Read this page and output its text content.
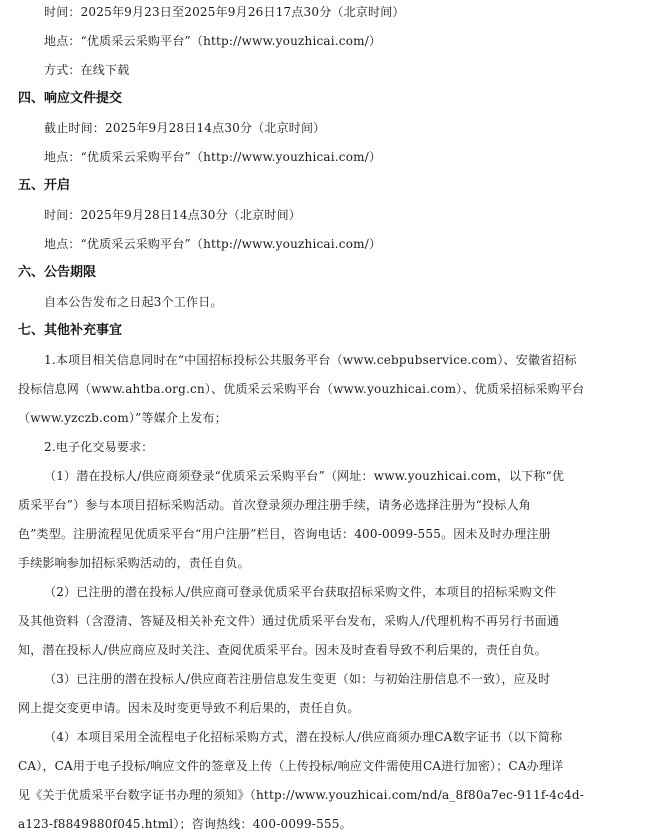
时间：2025年9月23日至2025年9月26日17点30分（北京时间）
地点：“优质采云采购平台”（http://www.youzhicai.com/）
方式：在线下载
四、响应文件提交
截止时间：2025年9月28日14点30分（北京时间）
地点：“优质采云采购平台”（http://www.youzhicai.com/）
五、开启
时间：2025年9月28日14点30分（北京时间）
地点：“优质采云采购平台”（http://www.youzhicai.com/）
六、公告期限
自本公告发布之日起3个工作日。
七、其他补充事宜
1.本项目相关信息同时在“中国招标投标公共服务平台（www.cebpubservice.com）、安徽省招标
投标信息网（www.ahtba.org.cn）、优质采云采购平台（www.youzhicai.com）、优质采招标采购平台
（www.yzczb.com）”等媒介上发布；
2.电子化交易要求：
（1）潜在投标人/供应商须登录“优质采云采购平台”（网址：www.youzhicai.com，以下称“优
质采平台”）参与本项目招标采购活动。首次登录须办理注册手续，请务必选择注册为“投标人角
色”类型。注册流程见优质采平台“用户注册”栏目，咨询电话：400-0099-555。因未及时办理注册
手续影响参加招标采购活动的，责任自负。
（2）已注册的潜在投标人/供应商可登录优质采平台获取招标采购文件，本项目的招标采购文件
及其他资料（含澄清、答疑及相关补充文件）通过优质采平台发布，采购人/代理机构不再另行书面通
知，潜在投标人/供应商应及时关注、查阅优质采平台。因未及时查看导致不利后果的，责任自负。
（3）已注册的潜在投标人/供应商若注册信息发生变更（如：与初始注册信息不一致），应及时
网上提交变更申请。因未及时变更导致不利后果的，责任自负。
（4）本项目采用全流程电子化招标采购方式，潜在投标人/供应商须办理CA数字证书（以下简称
CA），CA用于电子投标/响应文件的签章及上传（上传投标/响应文件需使用CA进行加密）；CA办理详
见《关于优质采平台数字证书办理的须知》（http://www.youzhicai.com/nd/a_8f80a7ec-911f-4c4d-
a123-f8849880f045.html）；咨询热线：400-0099-555。
